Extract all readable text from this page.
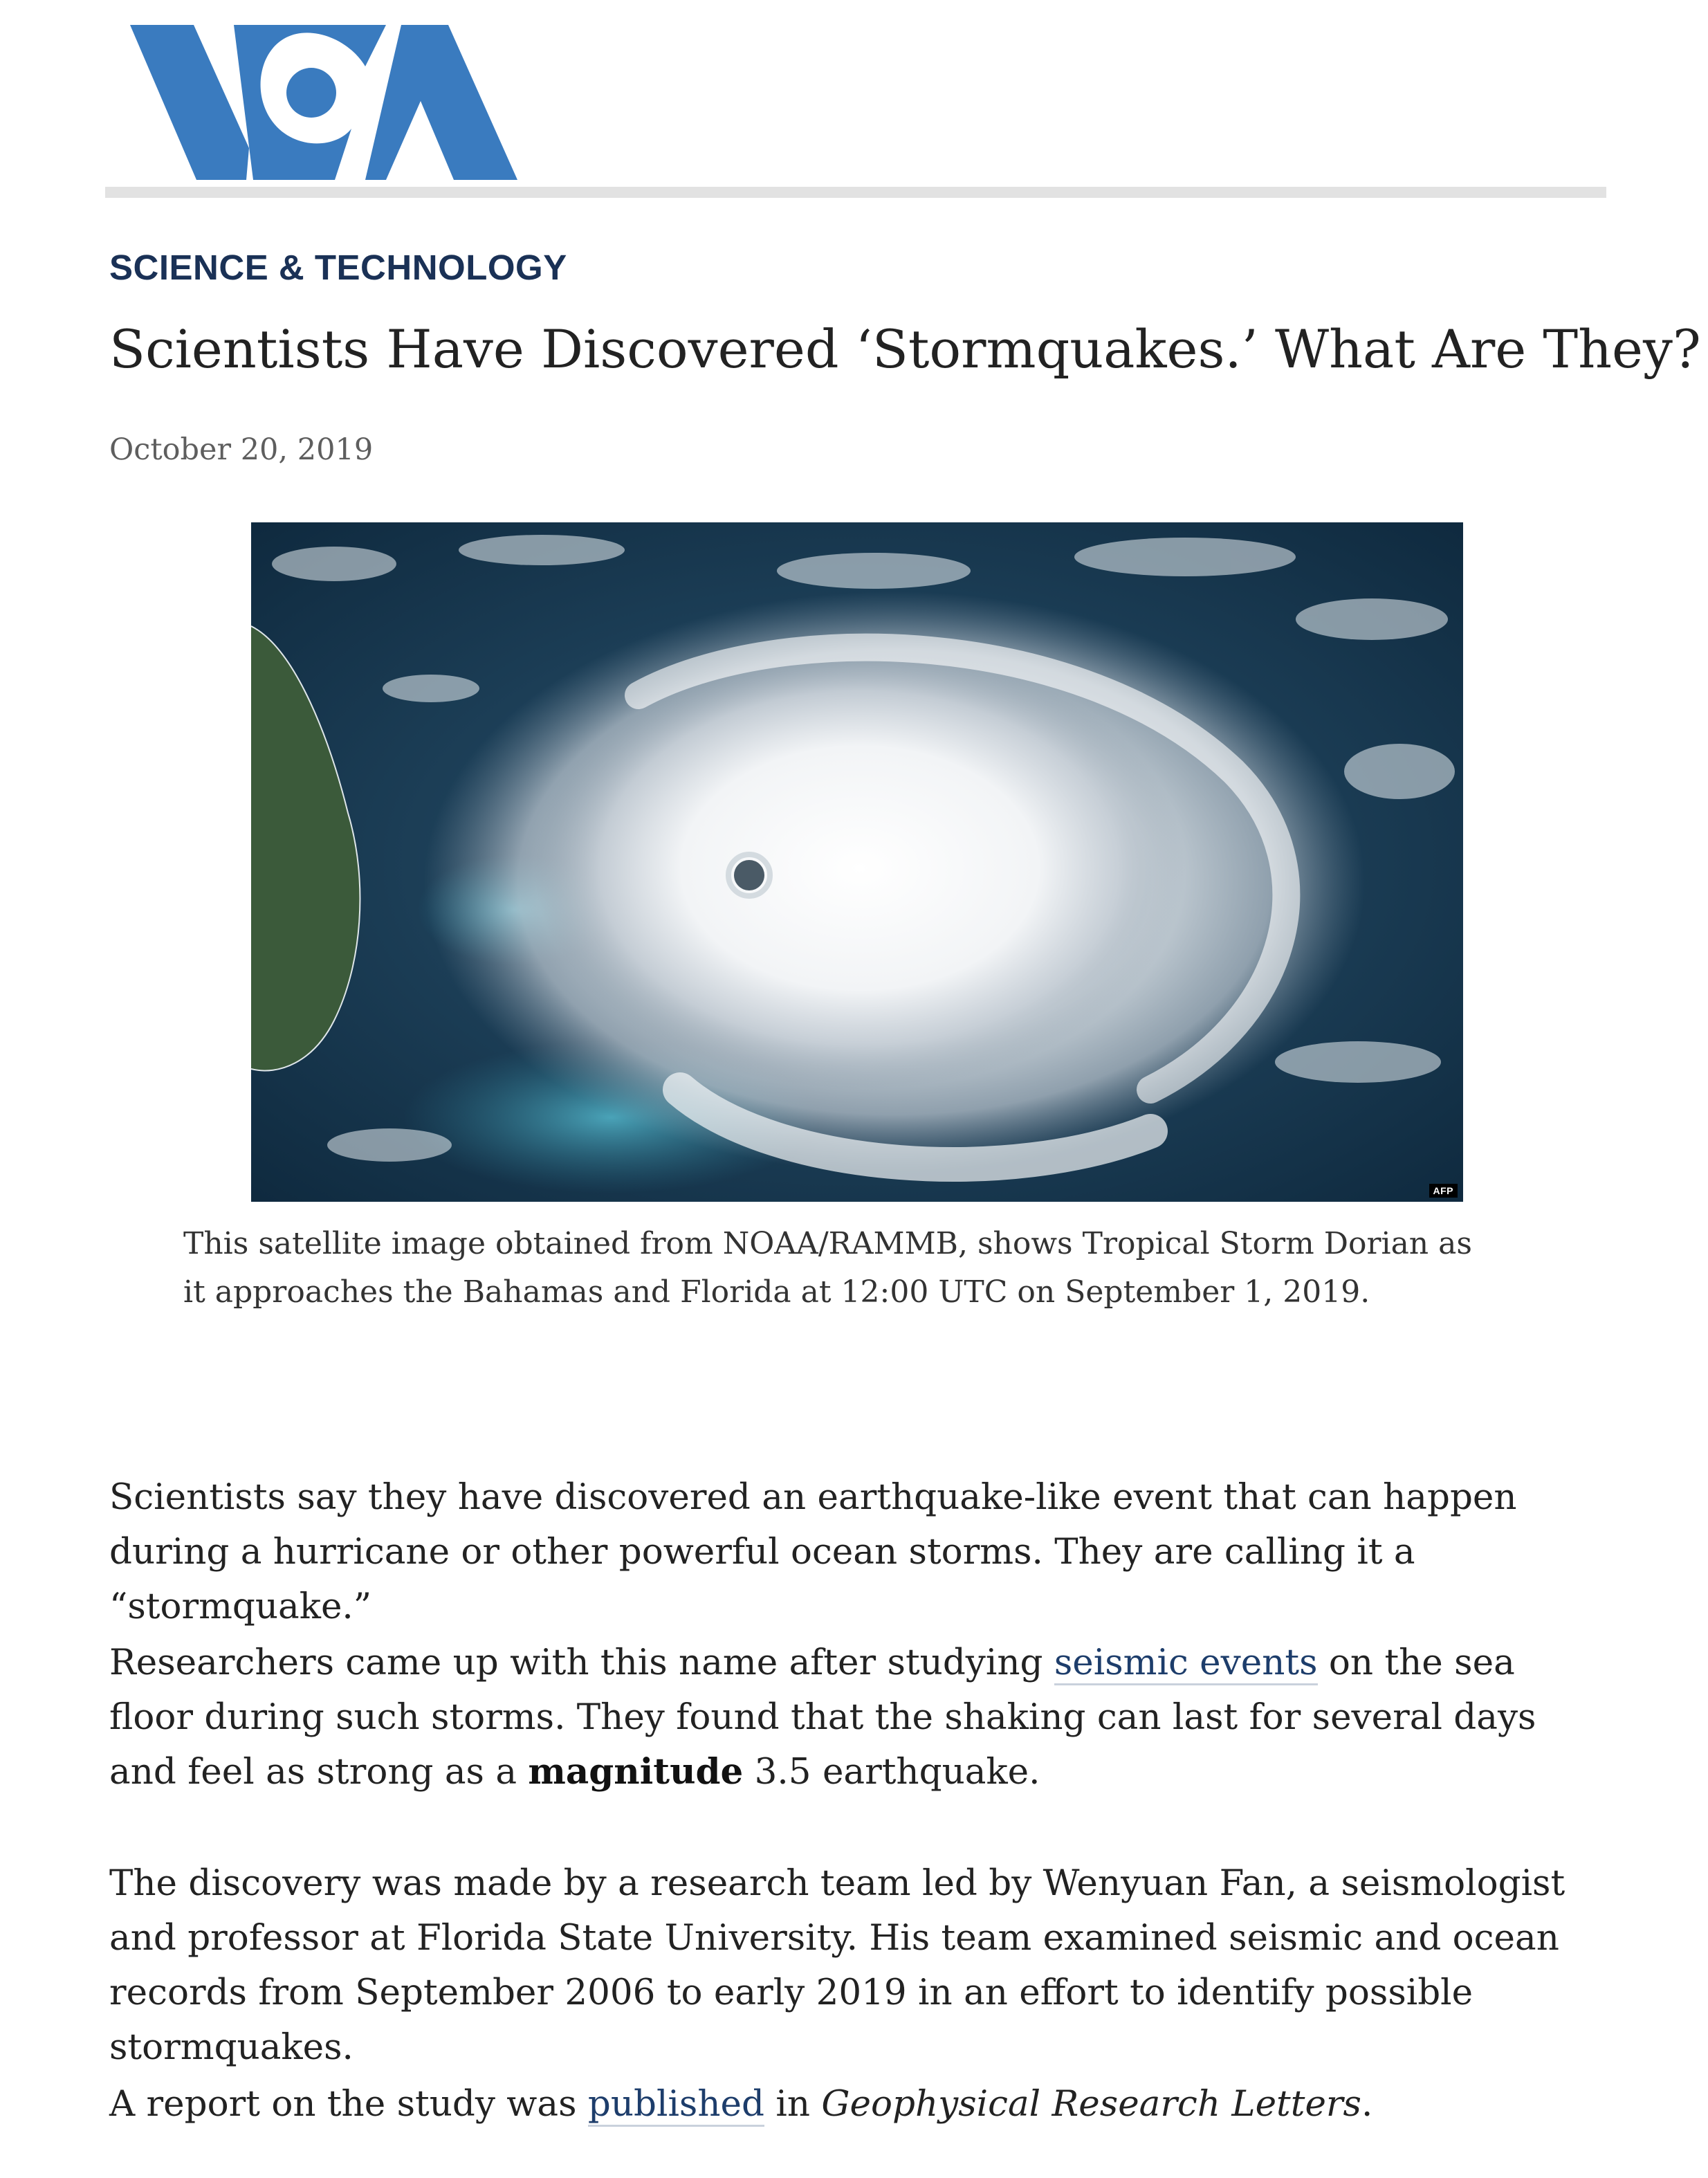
SCIENCE & TECHNOLOGY
Scientists Have Discovered ‘Stormquakes.’ What Are They?
October 20, 2019
AFP
This satellite image obtained from NOAA/RAMMB, shows Tropical Storm Dorian as it approaches the Bahamas and Florida at 12:00 UTC on September 1, 2019.

Scientists say they have discovered an earthquake-like event that can happen during a hurricane or other powerful ocean storms. They are calling it a “stormquake.”

Researchers came up with this name after studying seismic events on the sea floor during such storms. They found that the shaking can last for several days and feel as strong as a magnitude 3.5 earthquake.

The discovery was made by a research team led by Wenyuan Fan, a seismologist and professor at Florida State University. His team examined seismic and ocean records from September 2006 to early 2019 in an effort to identify possible stormquakes.

A report on the study was published in Geophysical Research Letters.
